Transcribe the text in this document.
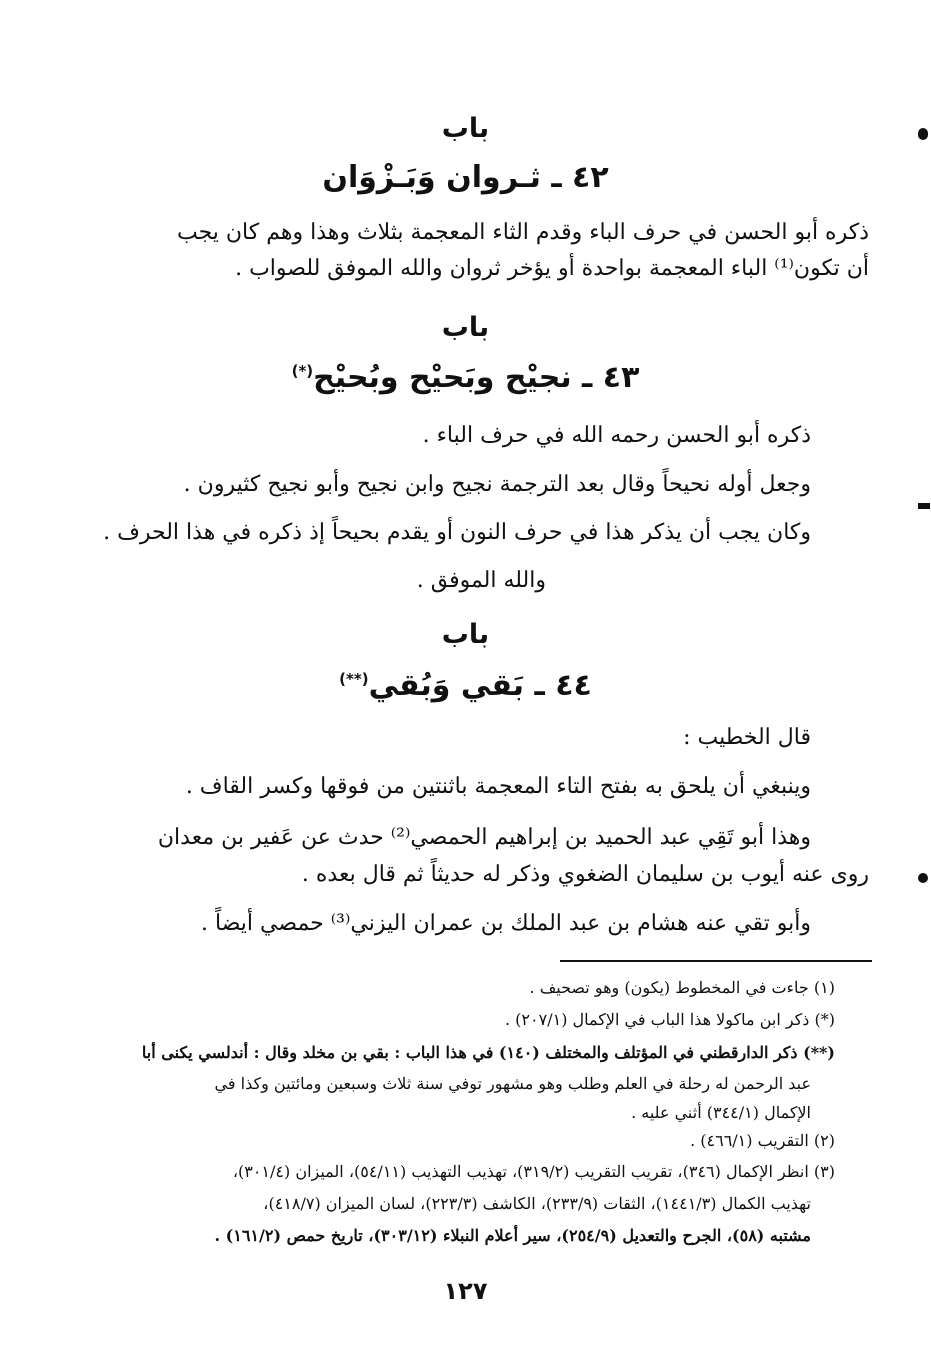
باب
٤٢ ـ ثـروان وَبَـزْوَان
ذكره أبو الحسن في حرف الباء وقدم الثاء المعجمة بثلاث وهذا وهم كان يجب
أن تكون⁽¹⁾ الباء المعجمة بواحدة أو يؤخر ثروان والله الموفق للصواب .
باب
٤٣ ـ نجيْح وبَحيْح وبُحيْح(*)
ذكره أبو الحسن رحمه الله في حرف الباء .
وجعل أوله نحيحاً وقال بعد الترجمة نجيح وابن نجيح وأبو نجيح كثيرون .
وكان يجب أن يذكر هذا في حرف النون أو يقدم بحيحاً إذ ذكره في هذا الحرف .
والله الموفق .
باب
٤٤ ـ بَقي وَبُقي(**)
قال الخطيب :
وينبغي أن يلحق به بفتح التاء المعجمة باثنتين من فوقها وكسر القاف .
وهذا أبو تَقِي عبد الحميد بن إبراهيم الحمصي⁽²⁾ حدث عن عَفير بن معدان
روى عنه أيوب بن سليمان الضغوي وذكر له حديثاً ثم قال بعده .
وأبو تقي عنه هشام بن عبد الملك بن عمران اليزني⁽³⁾ حمصي أيضاً .
(١) جاءت في المخطوط (يكون) وهو تصحيف .
(*) ذكر ابن ماكولا هذا الباب في الإكمال (٢٠٧/١) .
(**) ذكر الدارقطني في المؤتلف والمختلف (١٤٠) في هذا الباب : بقي بن مخلد وقال : أندلسي يكنى أبا
عبد الرحمن له رحلة في العلم وطلب وهو مشهور توفي سنة ثلاث وسبعين ومائتين وكذا في
الإكمال (٣٤٤/١) أثني عليه .
(٢) التقريب (٤٦٦/١) .
(٣) انظر الإكمال (٣٤٦)، تقريب التقريب (٣١٩/٢)، تهذيب التهذيب (٥٤/١١)، الميزان (٣٠١/٤)،
تهذيب الكمال (١٤٤١/٣)، الثقات (٢٣٣/٩)، الكاشف (٢٢٣/٣)، لسان الميزان (٤١٨/٧)،
مشتبه (٥٨)، الجرح والتعديل (٢٥٤/٩)، سير أعلام النبلاء (٣٠٣/١٢)، تاريخ حمص (١٦١/٢) .
١٢٧
